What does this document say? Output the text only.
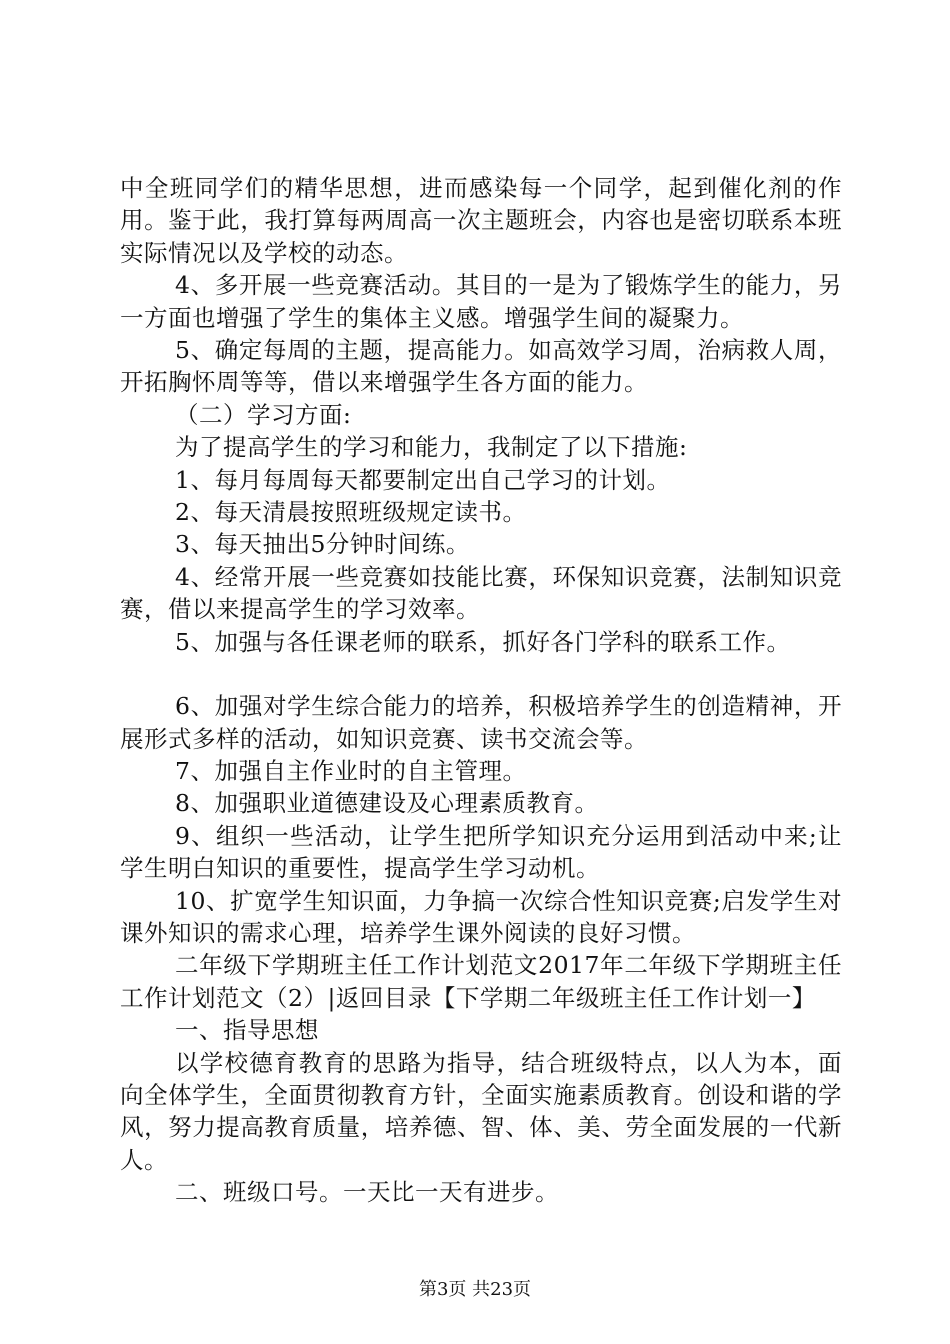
中全班同学们的精华思想，进而感染每一个同学，起到催化剂的作用。鉴于此，我打算每两周高一次主题班会，内容也是密切联系本班实际情况以及学校的动态。

4、多开展一些竞赛活动。其目的一是为了锻炼学生的能力，另一方面也增强了学生的集体主义感。增强学生间的凝聚力。

5、确定每周的主题，提高能力。如高效学习周，治病救人周，开拓胸怀周等等，借以来增强学生各方面的能力。

（二）学习方面:

为了提高学生的学习和能力，我制定了以下措施:

1、每月每周每天都要制定出自己学习的计划。

2、每天清晨按照班级规定读书。

3、每天抽出5分钟时间练。

4、经常开展一些竞赛如技能比赛，环保知识竞赛，法制知识竞赛，借以来提高学生的学习效率。

5、加强与各任课老师的联系，抓好各门学科的联系工作。

6、加强对学生综合能力的培养，积极培养学生的创造精神，开展形式多样的活动，如知识竞赛、读书交流会等。

7、加强自主作业时的自主管理。

8、加强职业道德建设及心理素质教育。

9、组织一些活动，让学生把所学知识充分运用到活动中来;让学生明白知识的重要性，提高学生学习动机。

10、扩宽学生知识面，力争搞一次综合性知识竞赛;启发学生对课外知识的需求心理，培养学生课外阅读的良好习惯。

二年级下学期班主任工作计划范文2017年二年级下学期班主任工作计划范文（2）|返回目录【下学期二年级班主任工作计划一】

一、指导思想

以学校德育教育的思路为指导，结合班级特点，以人为本，面向全体学生，全面贯彻教育方针，全面实施素质教育。创设和谐的学风，努力提高教育质量，培养德、智、体、美、劳全面发展的一代新人。

二、班级口号。一天比一天有进步。

第3页 共23页
